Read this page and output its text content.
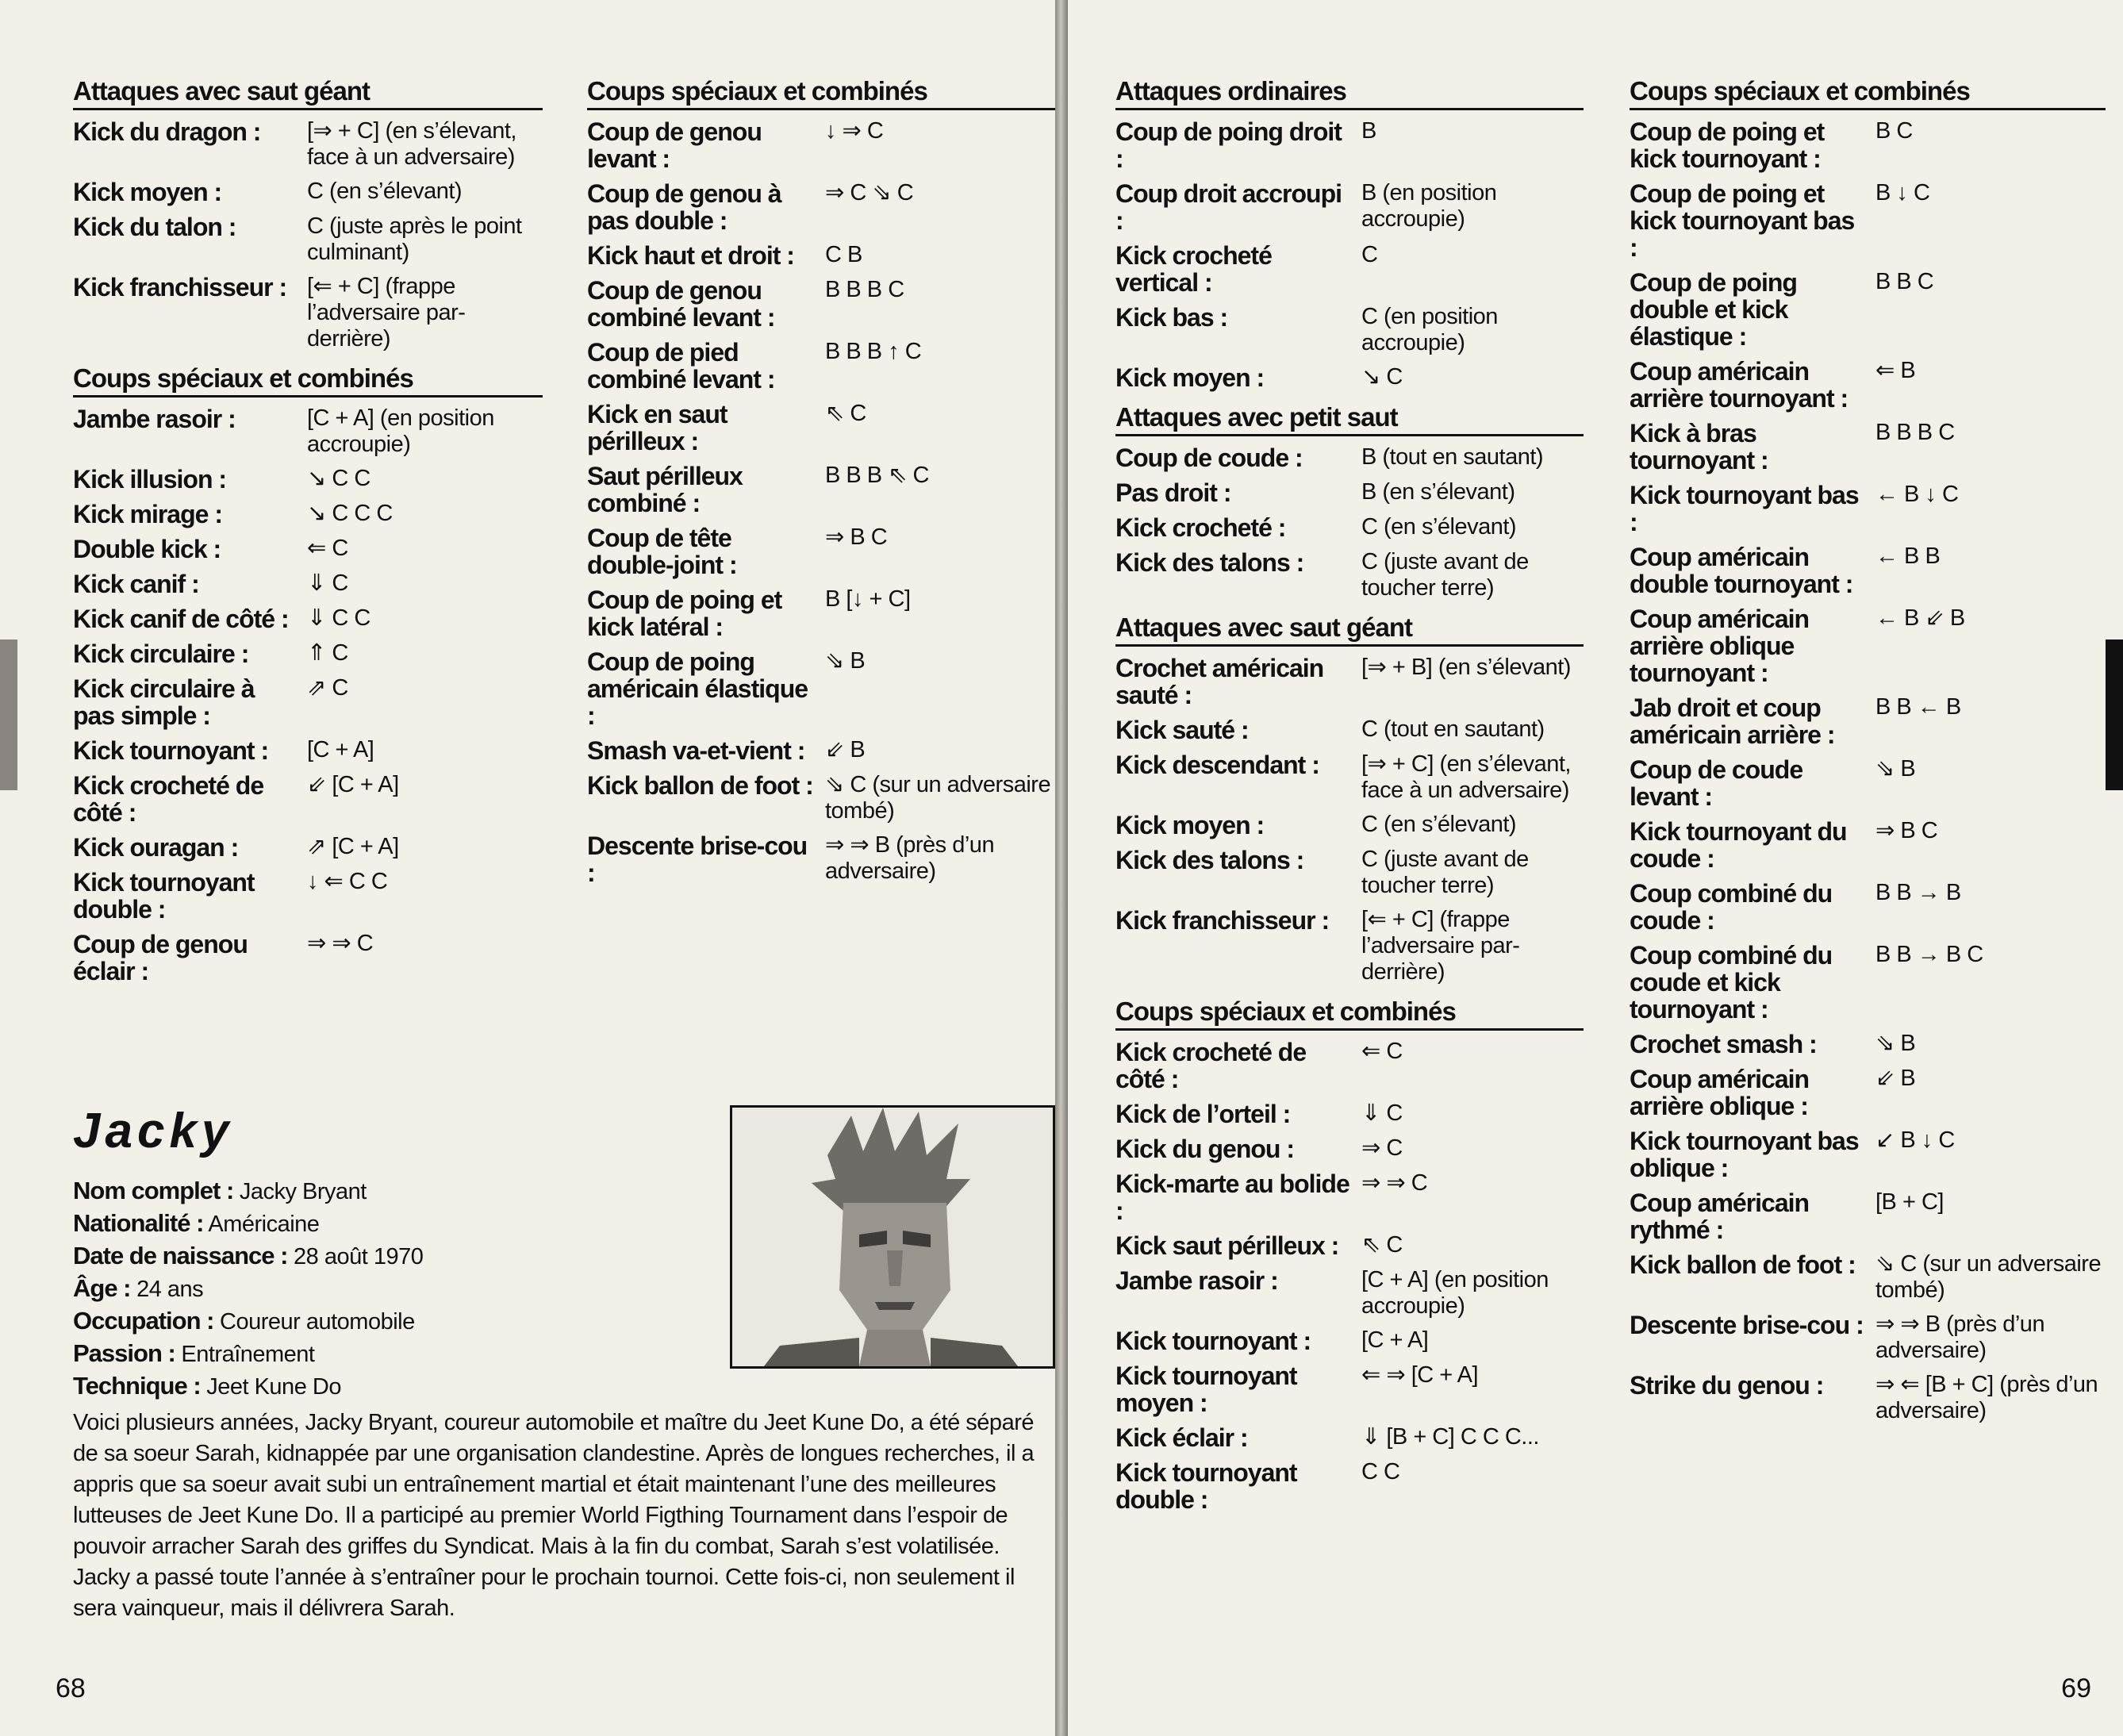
Attaques avec saut géant
Kick du dragon :	[⇒ + C] (en s’élevant, face à un adversaire)
Kick moyen :	C (en s’élevant)
Kick du talon :	C (juste après le point culminant)
Kick franchisseur : [⇐ + C] (frappe l’adversaire par-derrière)
Coups spéciaux et combinés
Jambe rasoir :	[C + A] (en position accroupie)
Kick illusion :	↘ C C
Kick mirage :	↘ C C C
Double kick :	⇐ C
Kick canif :	⇓ C
Kick canif de côté : ⇓ C C
Kick circulaire :	⇑ C
Kick circulaire à pas simple :
⇗ C
Kick tournoyant :	[C + A]
Kick crocheté de côté :
⇙ [C + A]
Kick ouragan :	⇗ [C + A]
Kick tournoyant double :
↓ ⇐ C C
Coup de genou éclair :
⇒ ⇒ C
Coups spéciaux et combinés
Coup de genou levant :
↓ ⇒ C
Coup de genou à pas double :
⇒ C ⇘ C
Kick haut et droit :	C B
Coup de genou combiné levant :
B B B C
Coup de pied combiné levant :
B B B ↑ C
Kick en saut périlleux :
⇖ C
Saut périlleux combiné :
B B B ⇖ C
Coup de tête double-joint :
⇒ B C
Coup de poing et kick latéral :
B [↓ + C]
Coup de poing américain élastique :
⇘ B
Smash va-et-vient : ⇙ B
Kick ballon de foot : ⇘ C (sur un adversaire tombé)
Descente brise-cou :
⇒ ⇒ B (près d’un adversaire)
Jacky
Nom complet : Jacky Bryant
Nationalité : Américaine
Date de naissance : 28 août 1970
Âge : 24 ans
Occupation : Coureur automobile
Passion : Entraînement
Technique : Jeet Kune Do
Voici plusieurs années, Jacky Bryant, coureur automobile et maître du Jeet Kune Do, a été séparé de sa soeur Sarah, kidnappée par une organisation clandestine. Après de longues recherches, il a appris que sa soeur avait subi un entraînement martial et était maintenant l’une des meilleures lutteuses de Jeet Kune Do. Il a participé au premier World Figthing Tournament dans l’espoir de pouvoir arracher Sarah des griffes du Syndicat. Mais à la fin du combat, Sarah s’est volatilisée. Jacky a passé toute l’année à s’entraîner pour le prochain tournoi. Cette fois-ci, non seulement il sera vainqueur, mais il délivrera Sarah.
68
Attaques ordinaires
Coup de poing droit :
B
Coup droit accroupi :
B (en position accroupie)
Kick crocheté vertical :
C
Kick bas :	C (en position accroupie)
Kick moyen :	↘ C
Attaques avec petit saut
Coup de coude :	B (tout en sautant)
Pas droit :	B (en s’élevant)
Kick crocheté :	C (en s’élevant)
Kick des talons :	C (juste avant de toucher terre)
Attaques avec saut géant
Crochet américain sauté :
[⇒ + B] (en s’élevant)
Kick sauté :	C (tout en sautant)
Kick descendant :	[⇒ + C] (en s’élevant, face à un adversaire)
Kick moyen :	C (en s’élevant)
Kick des talons :	C (juste avant de toucher terre)
Kick franchisseur :	[⇐ + C] (frappe l’adversaire par-derrière)
Coups spéciaux et combinés
Kick crocheté de côté :
⇐ C
Kick de l’orteil :	⇓ C
Kick du genou :	⇒ C
Kick-marte au bolide :
⇒ ⇒ C
Kick saut périlleux : ⇖ C
Jambe rasoir :	[C + A] (en position accroupie)
Kick tournoyant :	[C + A]
Kick tournoyant moyen :
⇐ ⇒ [C + A]
Kick éclair :	⇓ [B + C] C C C...
Kick tournoyant double :
C C
Coups spéciaux et combinés
Coup de poing et kick tournoyant :
B C
Coup de poing et kick tournoyant bas :
B ↓ C
Coup de poing double et kick élastique :
B B C
Coup américain arrière tournoyant :
⇐ B
Kick à bras tournoyant :
B B B C
Kick tournoyant bas :
← B ↓ C
Coup américain double tournoyant :
← B B
Coup américain arrière oblique tournoyant :
← B ⇙ B
Jab droit et coup américain arrière :
B B ← B
Coup de coude levant :
⇘ B
Kick tournoyant du coude :
⇒ B C
Coup combiné du coude :
B B → B
Coup combiné du coude et kick tournoyant :
B B → B C
Crochet smash :	⇘ B
Coup américain arrière oblique :
⇙ B
Kick tournoyant bas oblique :
↙ B ↓ C
Coup américain rythmé :
[B + C]
Kick ballon de foot : ⇘ C (sur un adversaire tombé)
Descente brise-cou : ⇒ ⇒ B (près d’un adversaire)
Strike du genou :	⇒ ⇐ [B + C] (près d’un adversaire)
69
